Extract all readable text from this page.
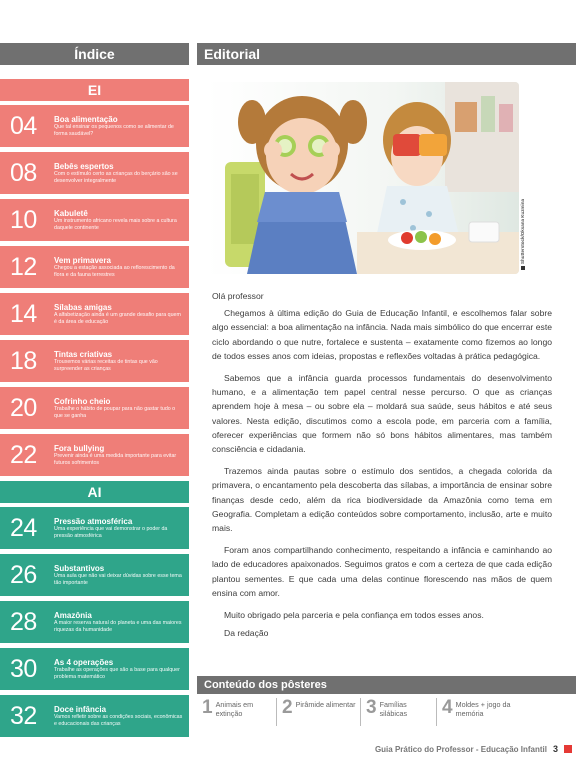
Índice
EI
04	Boa alimentação
Que tal ensinar os pequenos como se alimentar de forma saudável?
08	Bebês espertos
Com o estímulo certo as crianças do berçário são se desenvolver integralmente
10	Kabuletê
Um instrumento africano revela mais sobre a cultura daquele continente
12	Vem primavera
Chegou a estação associada ao reflorescimento da flora e da fauna terrestres
14	Sílabas amigas
A alfabetização ainda é um grande desafio para quem é da área de educação
18	Tintas criativas
Trouxemos várias receitas de tintas que vão surpreender as crianças
20	Cofrinho cheio
Trabalhe o hábito de poupar para não gastar tudo o que se ganha
22	Fora bullying
Prevenir ainda é uma medida importante para evitar futuros sofrimentos
AI
24	Pressão atmosférica
Uma experiência que vai demonstrar o poder da pressão atmosférica
26	Substantivos
Uma aula que não vai deixar dúvidas sobre esse tema tão importante
28	Amazônia
A maior reserva natural do planeta e uma das maiores riquezas da humanidade
30	As 4 operações
Trabalhe as operações que são a base para qualquer problema matemático
32	Doce infância
Vamos refletir sobre as condições sociais, econômicas e educacionais das crianças
Editorial
Shutterstock/Oksana Kuzmina

Olá professor

Chegamos à última edição do Guia de Educação Infantil, e escolhemos falar sobre algo essencial: a boa alimentação na infância. Nada mais simbólico do que encerrar este ciclo abordando o que nutre, fortalece e sustenta – exatamente como fizemos ao longo de todos esses anos com ideias, propostas e reflexões voltadas à prática pedagógica.

Sabemos que a infância guarda processos fundamentais do desenvolvimento humano, e a alimentação tem papel central nesse percurso. O que as crianças aprendem hoje à mesa – ou sobre ela – moldará sua saúde, seus hábitos e até seus valores. Nesta edição, discutimos como a escola pode, em parceria com a família, oferecer experiências que formem não só bons hábitos alimentares, mas também consciência e cidadania.

Trazemos ainda pautas sobre o estímulo dos sentidos, a chegada colorida da primavera, o encantamento pela descoberta das sílabas, a importância de ensinar sobre finanças desde cedo, além da rica biodiversidade da Amazônia como tema em Geografia. Completam a edição conteúdos sobre comportamento, inclusão, arte e muito mais.

Foram anos compartilhando conhecimento, respeitando a infância e caminhando ao lado de educadores apaixonados. Seguimos gratos e com a certeza de que cada edição plantou sementes. E que cada uma delas continue florescendo nas mãos de quem ensina com amor.

Muito obrigado pela parceria e pela confiança em todos esses anos.

Da redação

Conteúdo dos pôsteres
1 Animais em extinção	2 Pirâmide alimentar 3 Famílias silábicas	4 Moldes + jogo da memória
Guia Prático do Professor - Educação Infantil 3
